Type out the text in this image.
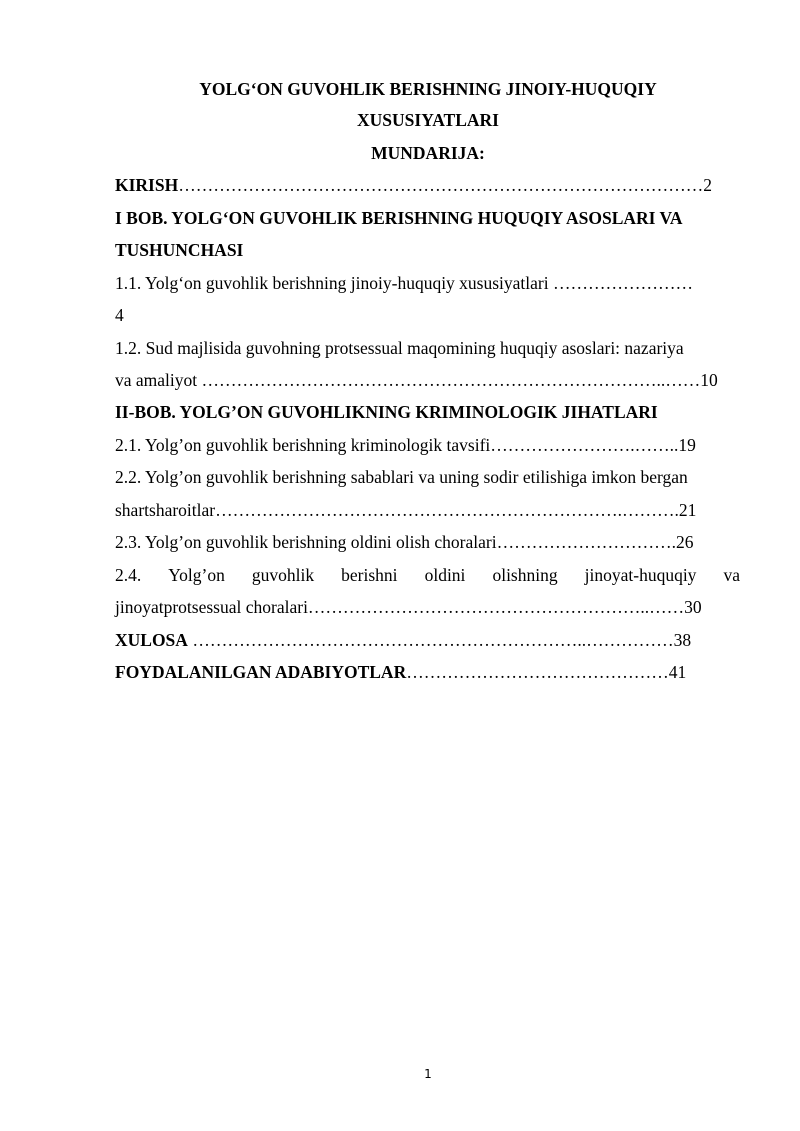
YOLG‘ON GUVOHLIK BERISHNING JINOIY-HUQUQIY
XUSUSIYATLARI
MUNDARIJA:
KIRISH………………………………………………………………………………2
I BOB. YOLG‘ON GUVOHLIK BERISHNING HUQUQIY ASOSLARI VA
TUSHUNCHASI
1.1. Yolg‘on guvohlik berishning jinoiy-huquqiy xususiyatlari ……………………
4
1.2. Sud majlisida guvohning protsessual maqomining huquqiy asoslari: nazariya
va amaliyot ……………………………………………………………………..……10
II-BOB. YOLG’ON GUVOHLIKNING KRIMINOLOGIK JIHATLARI
2.1. Yolg’on guvohlik berishning kriminologik tavsifi…………………….……..19
2.2. Yolg’on guvohlik berishning sabablari va uning sodir etilishiga imkon bergan
shartsharoitlar…………………………………………………………….……….21
2.3. Yolg’on guvohlik berishning oldini olish choralari………………………….26
2.4. Yolg’on guvohlik berishni oldini olishning jinoyat-huquqiy va
jinoyatprotsessual choralari…………………………………………………..……30
XULOSA …………………………………………………………..……………38
FOYDALANILGAN ADABIYOTLAR………………………………………41
1
